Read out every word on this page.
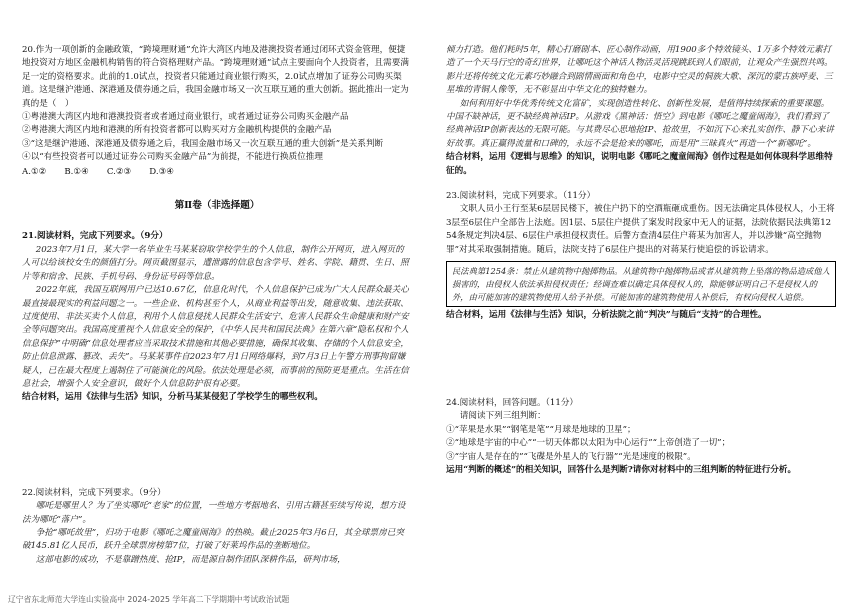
20.作为一项创新的金融政策，“跨境理财通”允许大湾区内地及港澳投资者通过闭环式资金管理，便捷地投资对方地区金融机构销售的符合资格理财产品。“跨境理财通”试点主要面向个人投资者，且需要满足一定的资格要求。此前的1.0试点，投资者只能通过商业银行购买，2.0试点增加了证券公司购买渠道。这是继沪港通、深港通及债券通之后，我国金融市场又一次互联互通的重大创新。据此推出一定为真的是（　）

①粤港澳大湾区内地和港澳投资者或者通过商业银行，或者通过证券公司购买金融产品

②粤港澳大湾区内地和港澳的所有投资者都可以购买对方金融机构提供的金融产品

③“这是继沪港通、深港通及债券通之后，我国金融市场又一次互联互通的重大创新”是关系判断

④以“有些投资者可以通过证券公司购买金融产品”为前提，不能进行换质位推理

A.①② B.①④ C.②③ D.③④
第Ⅱ卷（非选择题）

21.阅读材料，完成下列要求。（9分）

2023年7月1日，某大学一名毕业生马某某窃取学校学生的个人信息，制作公开网页，进入网页的人可以给该校女生的颜值打分。网页截图显示，遭泄露的信息包含学号、姓名、学院、籍贯、生日、照片等和宿舍、民族、手机号码、身份证号码等信息。

2022年底，我国互联网用户已达10.67亿，信息化时代，个人信息保护已成为广大人民群众最关心最直接最现实的利益问题之一。一些企业、机构甚至个人，从商业利益等出发，随意收集、违法获取、过度使用、非法买卖个人信息，利用个人信息侵扰人民群众生活安宁、危害人民群众生命健康和财产安全等问题突出。我国高度重视个人信息安全的保护，《中华人民共和国民法典》在第六章“隐私权和个人信息保护”中明确“信息处理者应当采取技术措施和其他必要措施，确保其收集、存储的个人信息安全，防止信息泄露、篡改、丢失”。马某某事件自2023年7月1日网络爆料，到7月3日上午警方刑事拘留嫌疑人，已在最大程度上遏制住了可能演化的风险。依法处理是必须，而事前的预防更是重点。生活在信息社会，增强个人安全意识，做好个人信息防护很有必要。

结合材料，运用《法律与生活》知识，分析马某某侵犯了学校学生的哪些权利。

22.阅读材料，完成下列要求。（9分）

哪吒是哪里人？为了坐实哪吒“老家”的位置，一些地方考据地名、引用古籍甚至续写传说，想方设法为哪吒“落户”。

争抢“哪吒故里”，归功于电影《哪吒之魔童闹海》的热映。截止2025年3月6日，其全球票房已突破145.81亿人民币，跃升全球票房榜第7位，打破了好莱坞作品的垄断地位。

这部电影的成功，不是靠蹭热度、抢IP，而是源自制作团队深耕作品，研判市场，

倾力打造。他们耗时5年，精心打磨剧本、匠心制作动画，用1900多个特效镜头、1万多个特效元素打造了一个天马行空的奇幻世界，让哪吒这个神话人物活灵活现跳跃到人们眼前，让观众产生强烈共鸣。影片还将传统文化元素巧妙融合到剧情画面和角色中，电影中空灵的侗族大歌、深沉的蒙古族呼麦、三星堆的青铜人像等，无不彰显出中华文化的独特魅力。

如何利用好中华优秀传统文化富矿，实现创造性转化、创新性发展，是值得持续探索的重要课题。中国不缺神话，更不缺经典神话IP。从游戏《黑神话：悟空》到电影《哪吒之魔童闹海》，我们看到了经典神话IP创新表达的无限可能。与其费尽心思地抢IP、抢故里，不如沉下心来扎实创作、静下心来讲好故事。真正赢得流量和口碑的，永远不会是抢来的哪吒，而是用“三昧真火”再造一个“新哪吒”。

结合材料，运用《逻辑与思维》的知识，说明电影《哪吒之魔童闹海》创作过程是如何体现科学思维特征的。

23.阅读材料，完成下列要求。（11分）

文职人员小王行至某6层居民楼下，被住户扔下的空酒瓶砸成重伤。因无法确定具体侵权人，小王将3层至6层住户全部告上法庭。因1层、5层住户提供了案发时段家中无人的证据，法院依据民法典第1254条规定判决4层、6层住户承担侵权责任。后警方查清4层住户蒋某为加害人，并以涉嫌“高空抛物罪”对其采取强制措施。随后，法院支持了6层住户提出的对蒋某行使追偿的诉讼请求。

民法典第1254条：禁止从建筑物中抛掷物品。从建筑物中抛掷物品或者从建筑物上坠落的物品造成他人损害的，由侵权人依法承担侵权责任；经调查难以确定具体侵权人的，除能够证明自己不是侵权人的外，由可能加害的建筑物使用人给予补偿。可能加害的建筑物使用人补偿后，有权向侵权人追偿。

结合材料，运用《法律与生活》知识，分析法院之前“判决”与随后“支持”的合理性。

24.阅读材料，回答问题。（11分）

请阅读下列三组判断：

①“苹果是水果”“钢笔是笔”“月球是地球的卫星”；

②“地球是宇宙的中心”“一切天体都以太阳为中心运行”“上帝创造了一切”；

③“宇宙人是存在的”“飞碟是外星人的飞行器”“光是速度的极限”。

运用“判断的概述”的相关知识，回答什么是判断?请你对材料中的三组判断的特征进行分析。

辽宁省东北师范大学连山实验高中 2024-2025 学年高二下学期期中考试政治试题
